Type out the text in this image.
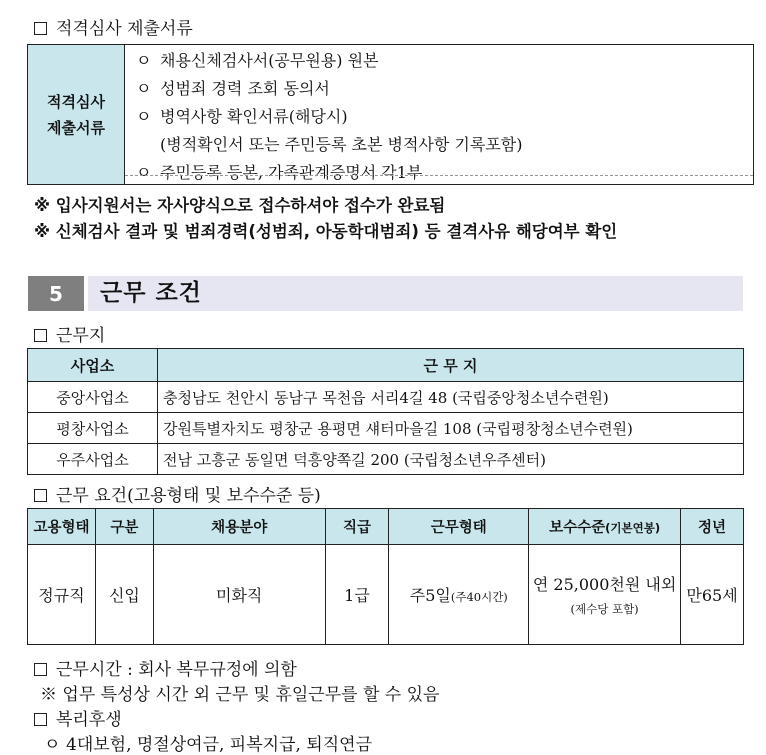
적격심사 제출서류
적격심사
제출서류
ㅇ 채용신체검사서(공무원용) 원본
ㅇ 성범죄 경력 조회 동의서
ㅇ 병역사항 확인서류(해당시)
(병적확인서 또는 주민등록 초본 병적사항 기록포함)
ㅇ 주민등록 등본, 가족관계증명서 각1부
※ 입사지원서는 자사양식으로 접수하셔야 접수가 완료됨
※ 신체검사 결과 및 범죄경력(성범죄, 아동학대범죄) 등 결격사유 해당여부 확인
5	근무 조건
근무지
사업소	근 무 지
중앙사업소	충청남도 천안시 동남구 목천읍 서리4길 48 (국립중앙청소년수련원)
평창사업소	강원특별자치도 평창군 용평면 섀터마을길 108 (국립평창청소년수련원)
우주사업소	전남 고흥군 동일면 덕흥양쪽길 200 (국립청소년우주센터)
근무 요건(고용형태 및 보수수준 등)
고용형태	구분	채용분야	직급	근무형태	보수수준(기본연봉)	정년
정규직	신입	미화직	1급	주5일(주40시간)	연 25,000천원 내외
(제수당 포함)	만65세
근무시간 : 회사 복무규정에 의함
※ 업무 특성상 시간 외 근무 및 휴일근무를 할 수 있음
복리후생
ㅇ 4대보험, 명절상여금, 피복지급, 퇴직연금
